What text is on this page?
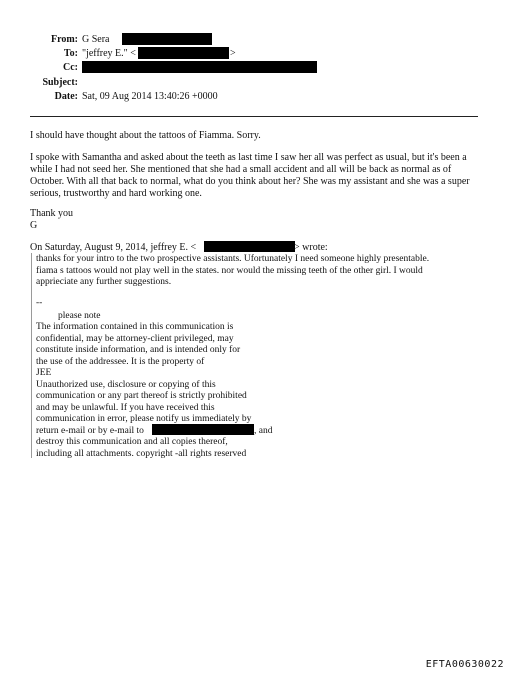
From: G Sera
To: "jeffrey E." <	>
Cc:
Subject:
Date: Sat, 09 Aug 2014 13:40:26 +0000

I should have thought about the tattoos of Fiamma. Sorry.

I spoke with Samantha and asked about the teeth as last time I saw her all was perfect as usual, but it's been a
while I had not seed her. She mentioned that she had a small accident and all will be back as normal as of
October. With all that back to normal, what do you think about her? She was my assistant and she was a super
serious, trustworthy and hard working one.

Thank you

G

On Saturday, August 9, 2014, jeffrey E. <	> wrote:

thanks for your intro to the two prospective assistants. Ufortunately I need someone highly presentable.
fiama s tattoos would not play well in the states. nor would the missing teeth of the other girl. I would
apprieciate any further suggestions.

--

please note

The information contained in this communication is
confidential, may be attorney-client privileged, may
constitute inside information, and is intended only for
the use of the addressee. It is the property of
JEE
Unauthorized use, disclosure or copying of this
communication or any part thereof is strictly prohibited
and may be unlawful. If you have received this
communication in error, please notify us immediately by

return e-mail or by e-mail to	, and

destroy this communication and all copies thereof,
including all attachments. copyright -all rights reserved

EFTA00630022
